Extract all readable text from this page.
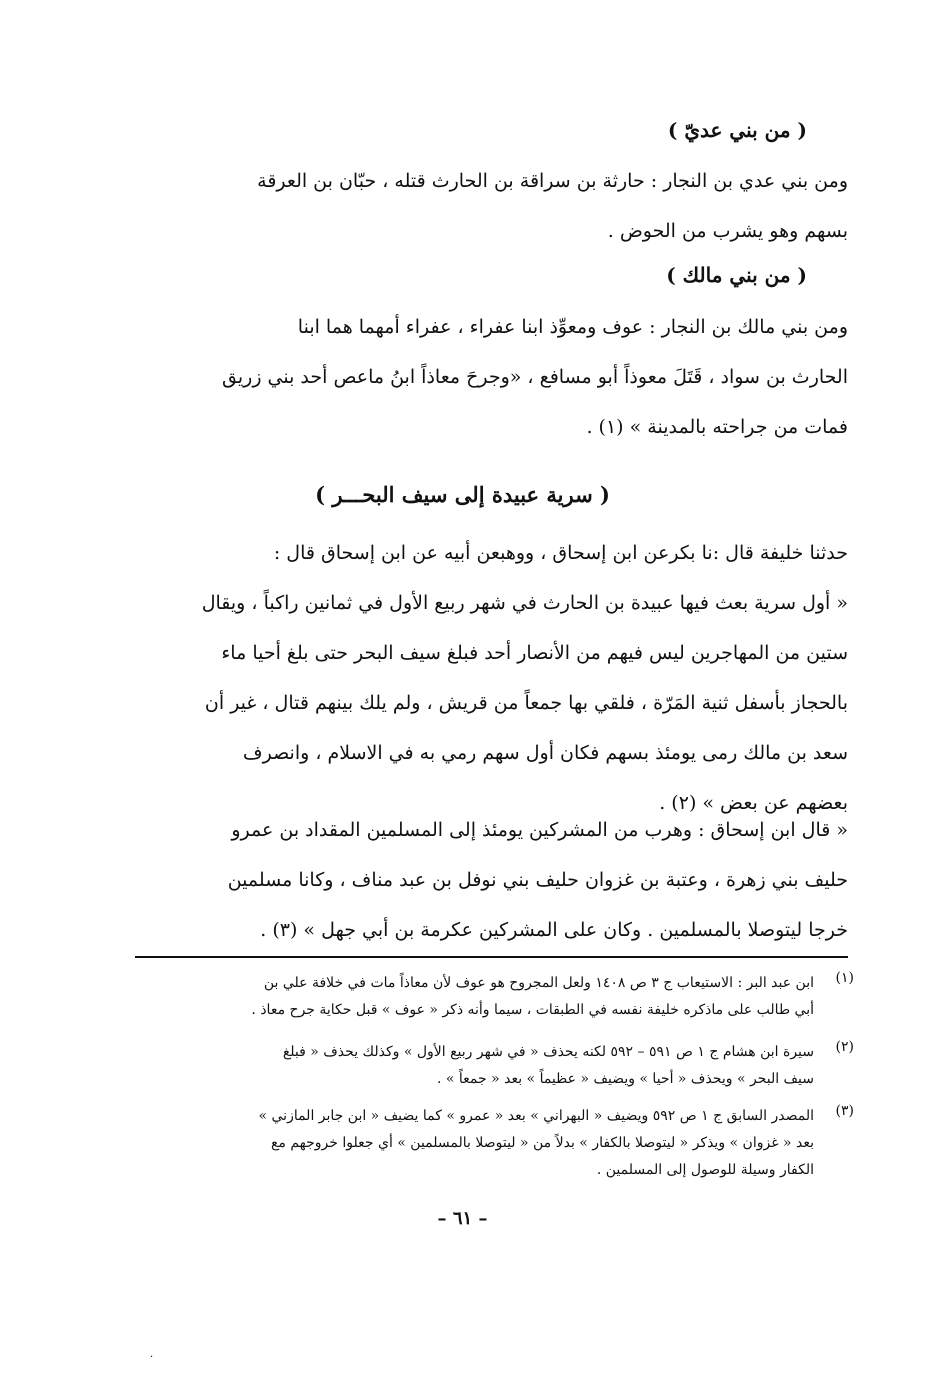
( من بني عديّ )
ومن بني عدي بن النجار : حارثة بن سراقة بن الحارث قتله ، حبّان بن العرقة
بسهم وهو يشرب من الحوض .
( من بني مالك )
ومن بني مالك بن النجار : عوف ومعوِّذ ابنا عفراء ، عفراء أمهما هما ابنا
الحارث بن سواد ، قَتَلَ معوذاً أبو مسافع ، «وجرحَ معاذاً ابنُ ماعص أحد بني زريق
فمات من جراحته بالمدينة » (١) .
( سرية عبيدة إلى سيف البحـــر )
حدثنا خليفة قال :نا بكرعن ابن إسحاق ، ووهبعن أبيه عن ابن إسحاق قال :
« أول سرية بعث فيها عبيدة بن الحارث في شهر ربيع الأول في ثمانين راكباً ، ويقال
ستين من المهاجرين ليس فيهم من الأنصار أحد فبلغ سيف البحر حتى بلغ أحيا ماء
بالحجاز بأسفل ثنية المَرّة ، فلقي بها جمعاً من قريش ، ولم يلك بينهم قتال ، غير أن
سعد بن مالك رمى يومئذ بسهم فكان أول سهم رمي به في الاسلام ، وانصرف
بعضهم عن بعض » (٢) .
« قال ابن إسحاق : وهرب من المشركين يومئذ إلى المسلمين المقداد بن عمرو
حليف بني زهرة ، وعتبة بن غزوان حليف بني نوفل بن عبد مناف ، وكانا مسلمين
خرجا ليتوصلا بالمسلمين . وكان على المشركين عكرمة بن أبي جهل » (٣) .
(١)
ابن عبد البر : الاستيعاب ج ٣ ص ١٤٠٨ ولعل المجروح هو عوف لأن معاذاً مات في خلافة علي بن
أبي طالب على ماذكره خليفة نفسه في الطبقات ، سيما وأنه ذكر « عوف » قبل حكاية جرح معاذ .
(٢)
سيرة ابن هشام ج ١ ص ٥٩١ – ٥٩٢ لكنه يحذف « في شهر ربيع الأول » وكذلك يحذف « فبلغ
سيف البحر » ويحذف « أحيا » ويضيف « عظيماً » بعد « جمعاً » .
(٣)
المصدر السابق ج ١ ص ٥٩٢ ويضيف « البهراني » بعد « عمرو » كما يضيف « ابن جابر المازني »
بعد « غزوان » ويذكر « ليتوصلا بالكفار » بدلاً من « ليتوصلا بالمسلمين » أي جعلوا خروجهم مع
الكفار وسيلة للوصول إلى المسلمين .
– ٦١ –
·
